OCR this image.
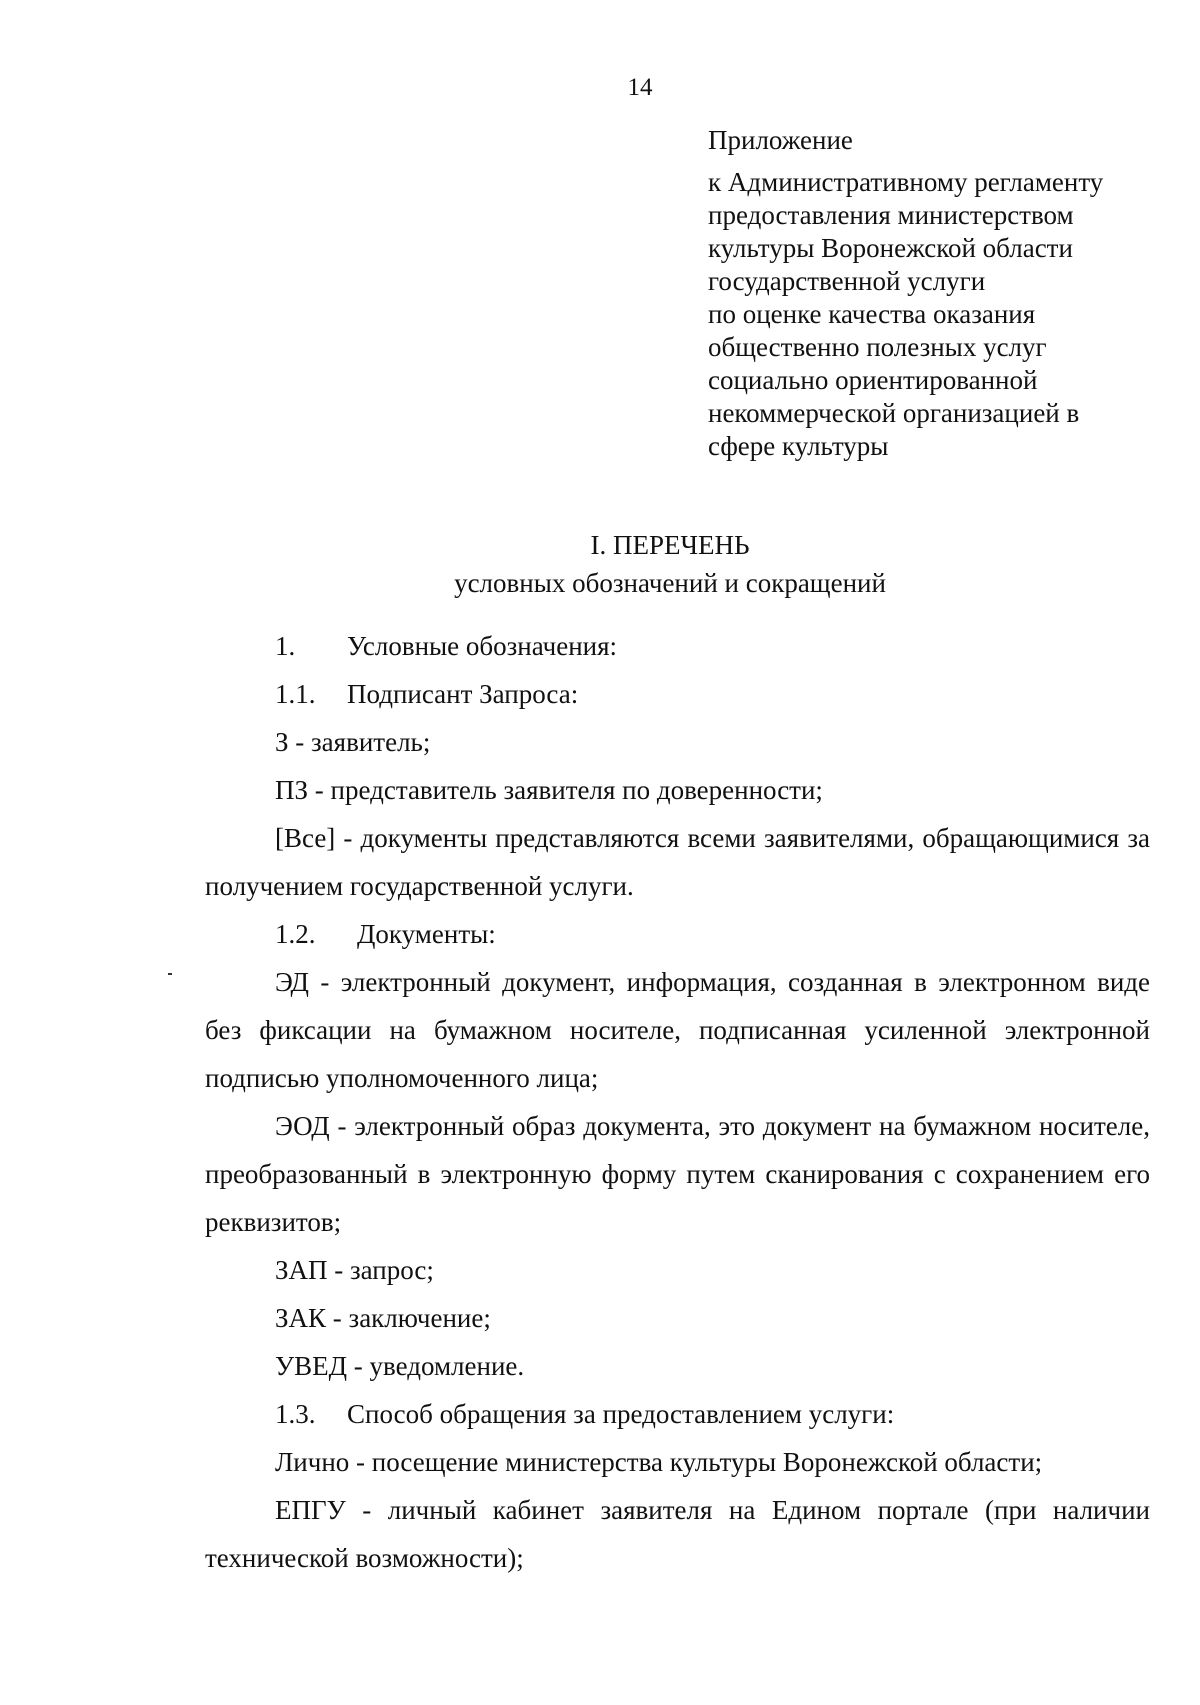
14
Приложение
к Административному регламенту
предоставления министерством
культуры Воронежской области
государственной услуги
по оценке качества оказания
общественно полезных услуг
социально ориентированной
некоммерческой организацией в
сфере культуры
I. ПЕРЕЧЕНЬ
условных обозначений и сокращений
1. Условные обозначения:
1.1. Подписант Запроса:
З - заявитель;
ПЗ - представитель заявителя по доверенности;
[Все] - документы представляются всеми заявителями, обращающимися за получением государственной услуги.
1.2. Документы:
ЭД - электронный документ, информация, созданная в электронном виде без фиксации на бумажном носителе, подписанная усиленной электронной подписью уполномоченного лица;
ЭОД - электронный образ документа, это документ на бумажном носителе, преобразованный в электронную форму путем сканирования с сохранением его реквизитов;
ЗАП - запрос;
ЗАК - заключение;
УВЕД - уведомление.
1.3. Способ обращения за предоставлением услуги:
Лично - посещение министерства культуры Воронежской области;
ЕПГУ - личный кабинет заявителя на Едином портале (при наличии технической возможности);
